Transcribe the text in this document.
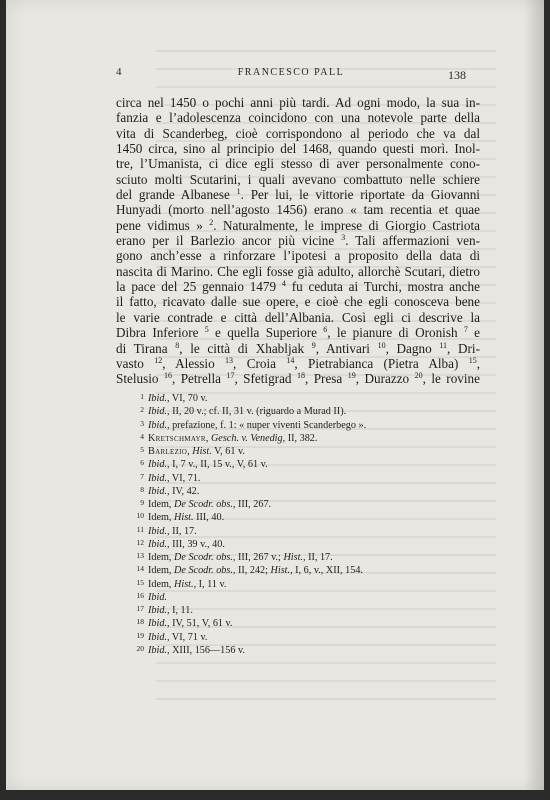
4	FRANCESCO PALL	138
circa nel 1450 o pochi anni più tardi. Ad ogni modo, la sua in-
fanzia e l’adolescenza coincidono con una notevole parte della
vita di Scanderbeg, cioè corrispondono al periodo che va dal
1450 circa, sino al principio del 1468, quando questi morì. Inol-
tre, l’Umanista, ci dice egli stesso di aver personalmente cono-
sciuto molti Scutarini, i quali avevano combattuto nelle schiere
del grande Albanese $^1$. Per lui, le vittorie riportate da Giovanni
Hunyadi (morto nell’agosto 1456) erano « tam recentia et quae
pene vidimus » $^2$. Naturalmente, le imprese di Giorgio Castriota
erano per il Barlezio ancor più vicine $^3$. Tali affermazioni ven-
gono anch’esse a rinforzare l’ipotesi a proposito della data di
nascita di Marino. Che egli fosse già adulto, allorchè Scutari, dietro
la pace del 25 gennaio 1479 $^4$ fu ceduta ai Turchi, mostra anche
il fatto, ricavato dalle sue opere, e cioè che egli conosceva bene
le varie contrade e città dell’Albania. Così egli ci descrive la
Dibra Inferiore $^5$ e quella Superiore $^6$, le pianure di Oronish $^7$ e
di Tirana $^8$, le città di Xhabljak $^9$, Antivari $^{10}$, Dagno $^{11}$, Dri-
vasto $^{12}$, Alessio $^{13}$, Croia $^{14}$, Pietrabianca (Pietra Alba) $^{15}$,
Stelusio $^{16}$, Petrella $^{17}$, Sfetigrad $^{18}$, Presa $^{19}$, Durazzo $^{20}$, le rovine
1 Ibid., VI, 70 v.
2 Ibid., II, 20 v.; cf. II, 31 v. (riguardo a Murad II).
3 Ibid., prefazione, f. 1: « nuper viventi Scanderbego ».
4 Kretschmayr, Gesch. v. Venedig, II, 382.
5 Barlezio, Hist. V, 61 v.
6 Ibid., I, 7 v., II, 15 v., V, 61 v.
7 Ibid., VI, 71.
8 Ibid., IV, 42.
9 Idem, De Scodr. obs., III, 267.
10 Idem, Hist. III, 40.
11 Ibid., II, 17.
12 Ibid., III, 39 v., 40.
13 Idem, De Scodr. obs., III, 267 v.; Hist., II, 17.
14 Idem, De Scodr. obs., II, 242; Hist., I, 6, v., XII, 154.
15 Idem, Hist., I, 11 v.
16 Ibid.
17 Ibid., I, 11.
18 Ibid., IV, 51, V, 61 v.
19 Ibid., VI, 71 v.
20 Ibid., XIII, 156—156 v.
